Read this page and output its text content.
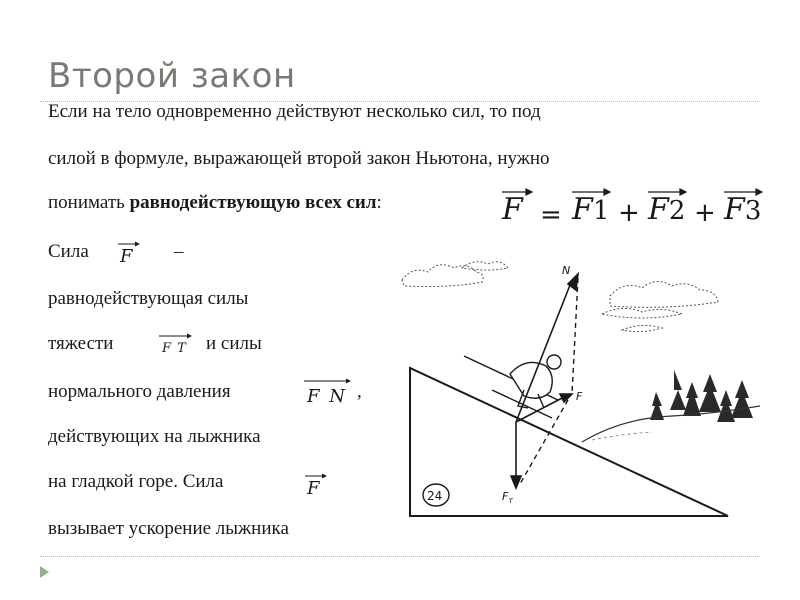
Второй закон
Если на тело одновременно действуют несколько сил, то под
силой в формуле, выражающей второй закон Ньютона, нужно
понимать равнодействующую всех сил:	F = F1 + F2 + F3
Сила F –
равнодействующая силы
тяжести	F T и силы
нормального давления	F N ,
действующих на лыжника
на гладкой горе. Сила	F
вызывает ускорение лыжника
N
F
$F_т$
24
